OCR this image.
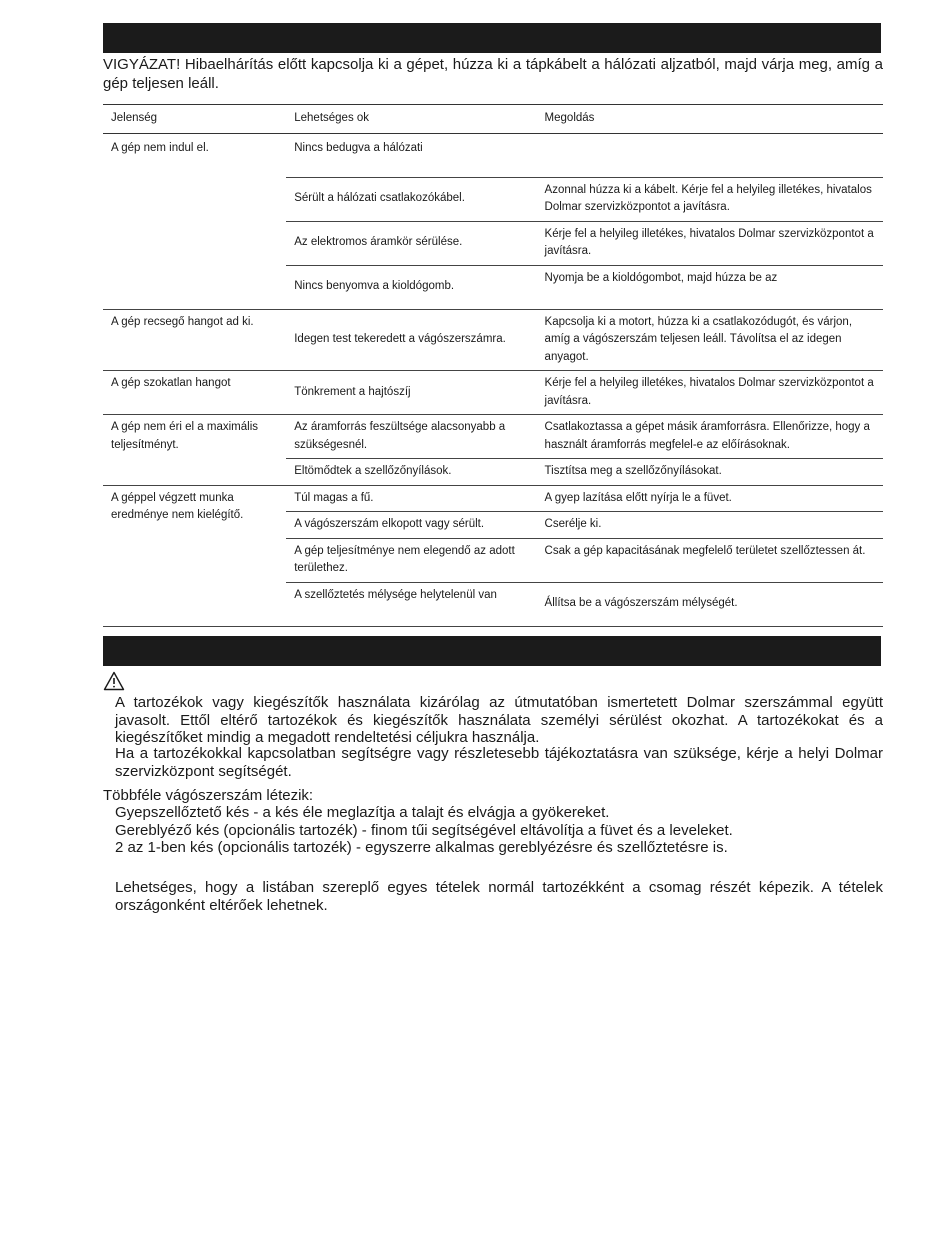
VIGYÁZAT! Hibaelhárítás előtt kapcsolja ki a gépet, húzza ki a tápkábelt a hálózati aljzatból, majd várja meg, amíg a gép teljesen leáll.

Jelenség	Lehetséges ok	Megoldás
A gép nem indul el.	Nincs bedugva a hálózati	
	Sérült a hálózati csatlakozókábel.	Azonnal húzza ki a kábelt. Kérje fel a helyileg illetékes, hivatalos Dolmar szervizközpontot a javításra.
	Az elektromos áramkör sérülése.	Kérje fel a helyileg illetékes, hivatalos Dolmar szervizközpontot a javításra.
	Nincs benyomva a kioldógomb.	Nyomja be a kioldógombot, majd húzza be az
A gép recsegő hangot ad ki.	Idegen test tekeredett a vágószerszámra.	Kapcsolja ki a motort, húzza ki a csatlakozódugót, és várjon, amíg a vágószerszám teljesen leáll. Távolítsa el az idegen anyagot.
A gép szokatlan hangot	Tönkrement a hajtószíj	Kérje fel a helyileg illetékes, hivatalos Dolmar szervizközpontot a javításra.
A gép nem éri el a maximális teljesítményt.	Az áramforrás feszültsége alacsonyabb a szükségesnél.	Csatlakoztassa a gépet másik áramforrásra. Ellenőrizze, hogy a használt áramforrás megfelel-e az előírásoknak.
	Eltömődtek a szellőzőnyílások.	Tisztítsa meg a szellőzőnyílásokat.
A géppel végzett munka eredménye nem kielégítő.	Túl magas a fű.	A gyep lazítása előtt nyírja le a füvet.
	A vágószerszám elkopott vagy sérült.	Cserélje ki.
	A gép teljesítménye nem elegendő az adott területhez.	Csak a gép kapacitásának megfelelő területet szellőztessen át.
	A szellőztetés mélysége helytelenül van	Állítsa be a vágószerszám mélységét.

A tartozékok vagy kiegészítők használata kizárólag az útmutatóban ismertetett Dolmar szerszámmal együtt javasolt. Ettől eltérő tartozékok és kiegészítők használata személyi sérülést okozhat. A tartozékokat és a kiegészítőket mindig a megadott rendeltetési céljukra használja.

Ha a tartozékokkal kapcsolatban segítségre vagy részletesebb tájékoztatásra van szüksége, kérje a helyi Dolmar szervizközpont segítségét.

Többféle vágószerszám létezik:
Gyepszellőztető kés - a kés éle meglazítja a talajt és elvágja a gyökereket.
Gereblyéző kés (opcionális tartozék) - finom tűi segítségével eltávolítja a füvet és a leveleket.
2 az 1-ben kés (opcionális tartozék) - egyszerre alkalmas gereblyézésre és szellőztetésre is.

Lehetséges, hogy a listában szereplő egyes tételek normál tartozékként a csomag részét képezik. A tételek országonként eltérőek lehetnek.
